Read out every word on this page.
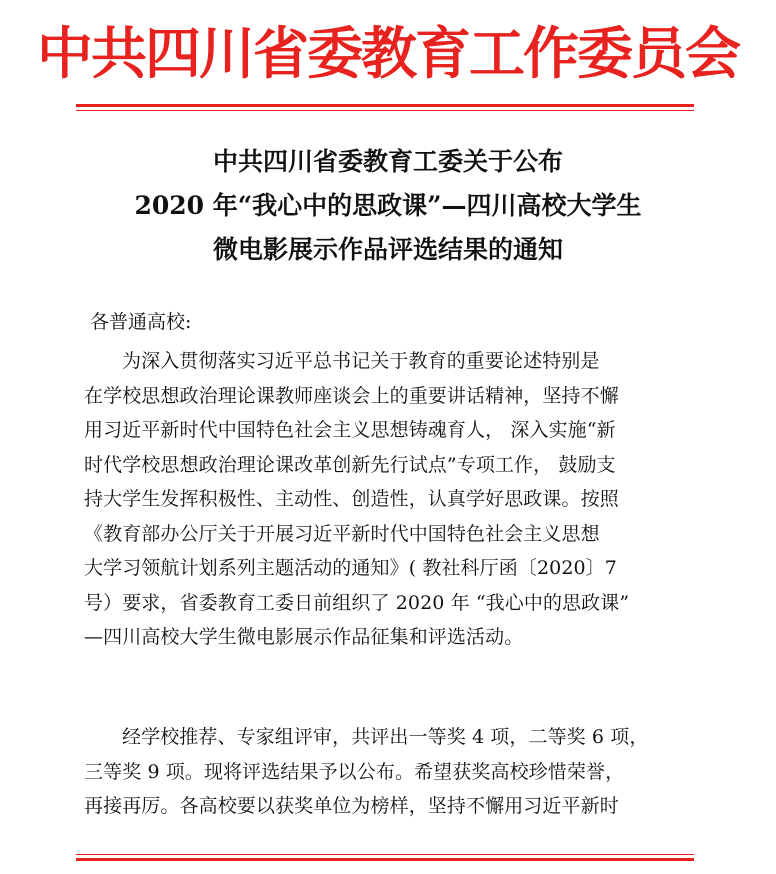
中共四川省委教育工作委员会
中共四川省委教育工委关于公布
2020 年“我心中的思政课”—四川高校大学生
微电影展示作品评选结果的通知
各普通高校:
为深入贯彻落实习近平总书记关于教育的重要论述特别是
在学校思想政治理论课教师座谈会上的重要讲话精神，坚持不懈
用习近平新时代中国特色社会主义思想铸魂育人， 深入实施“新
时代学校思想政治理论课改革创新先行试点”专项工作， 鼓励支
持大学生发挥积极性、主动性、创造性，认真学好思政课。按照
《教育部办公厅关于开展习近平新时代中国特色社会主义思想
大学习领航计划系列主题活动的通知》( 教社科厅函〔2020〕7
号）要求，省委教育工委日前组织了 2020 年 “我心中的思政课”
—四川高校大学生微电影展示作品征集和评选活动。
经学校推荐、专家组评审，共评出一等奖 4 项，二等奖 6 项，
三等奖 9 项。现将评选结果予以公布。希望获奖高校珍惜荣誉，
再接再厉。各高校要以获奖单位为榜样，坚持不懈用习近平新时
